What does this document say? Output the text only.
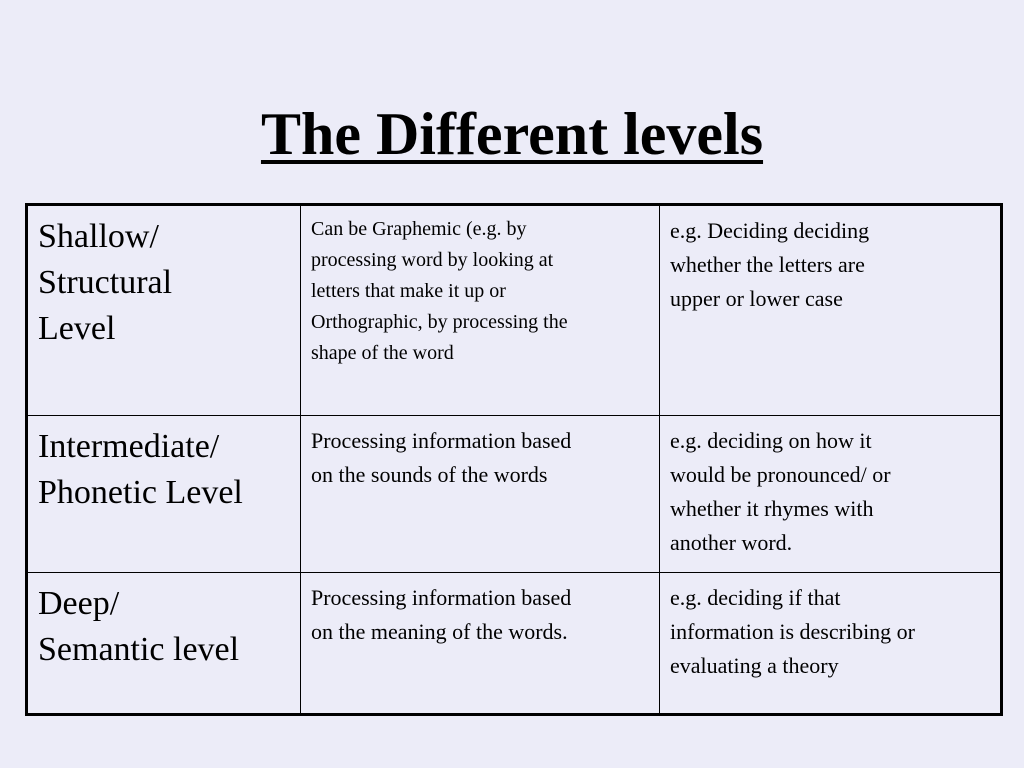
The Different levels
Shallow/
Structural
Level	Can be Graphemic (e.g. by
processing word by looking at
letters that make it up or
Orthographic, by processing the
shape of the word	e.g. Deciding deciding
whether the letters are
upper or lower case
Intermediate/
Phonetic Level	Processing information based
on the sounds of the words	e.g. deciding on how it
would be pronounced/ or
whether it rhymes with
another word.
Deep/
Semantic level	Processing information based
on the meaning of the words.	e.g. deciding if that
information is describing or
evaluating a theory
